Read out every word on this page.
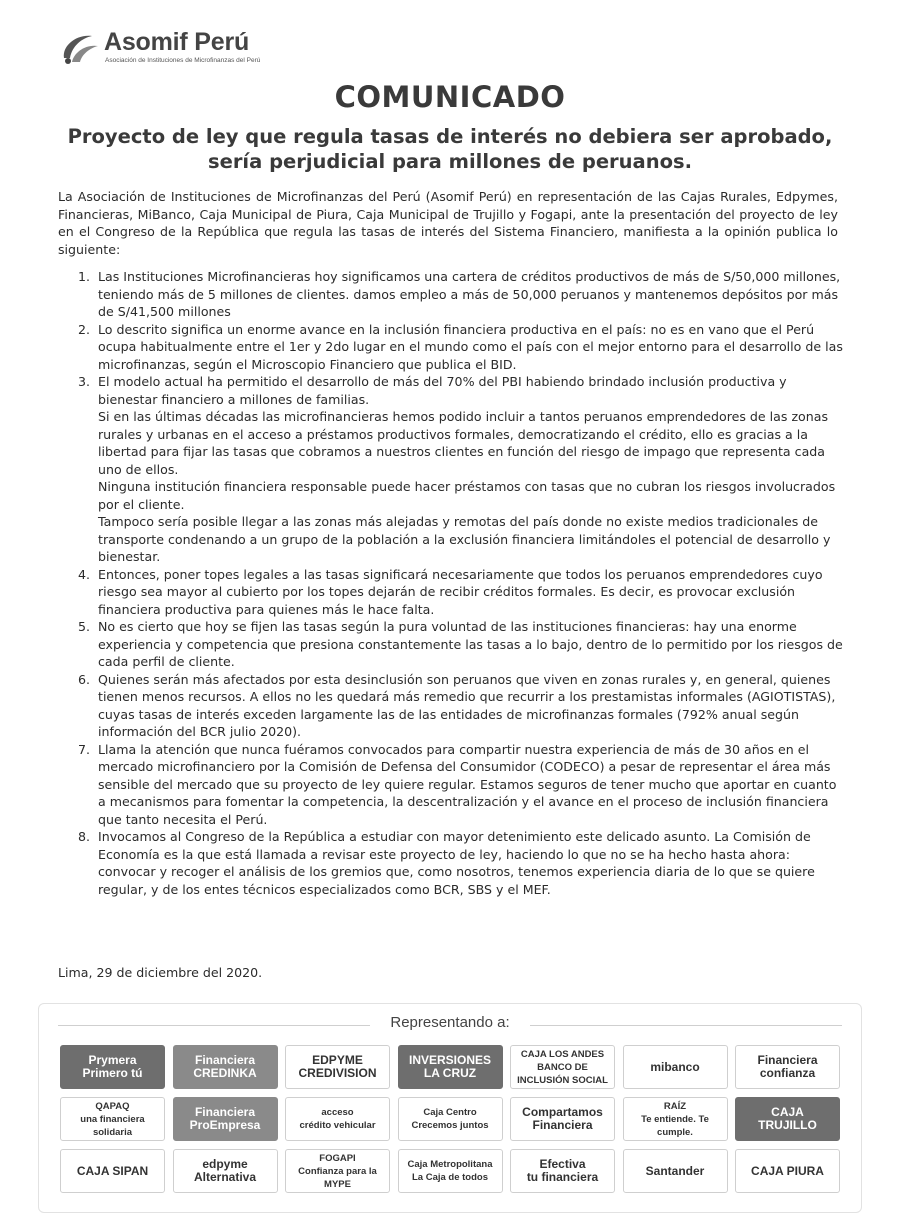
Asomif Perú
Asociación de Instituciones de Microfinanzas del Perú
COMUNICADO
Proyecto de ley que regula tasas de interés no debiera ser aprobado, sería perjudicial para millones de peruanos.
La Asociación de Instituciones de Microfinanzas del Perú (Asomif Perú) en representación de las Cajas Rurales, Edpymes, Financieras, MiBanco, Caja Municipal de Piura, Caja Municipal de Trujillo y Fogapi, ante la presentación del proyecto de ley en el Congreso de la República que regula las tasas de interés del Sistema Financiero, manifiesta a la opinión publica lo siguiente:
1. Las Instituciones Microfinancieras hoy significamos una cartera de créditos productivos de más de S/50,000 millones, teniendo más de 5 millones de clientes. damos empleo a más de 50,000 peruanos y mantenemos depósitos por más de S/41,500 millones

2. Lo descrito significa un enorme avance en la inclusión financiera productiva en el país: no es en vano que el Perú ocupa habitualmente entre el 1er y 2do lugar en el mundo como el país con el mejor entorno para el desarrollo de las microfinanzas, según el Microscopio Financiero que publica el BID.

3. El modelo actual ha permitido el desarrollo de más del 70% del PBI habiendo brindado inclusión productiva y bienestar financiero a millones de familias.

Si en las últimas décadas las microfinancieras hemos podido incluir a tantos peruanos emprendedores de las zonas rurales y urbanas en el acceso a préstamos productivos formales, democratizando el crédito, ello es gracias a la libertad para fijar las tasas que cobramos a nuestros clientes en función del riesgo de impago que representa cada uno de ellos.

Ninguna institución financiera responsable puede hacer préstamos con tasas que no cubran los riesgos involucrados por el cliente.

Tampoco sería posible llegar a las zonas más alejadas y remotas del país donde no existe medios tradicionales de transporte condenando a un grupo de la población a la exclusión financiera limitándoles el potencial de desarrollo y bienestar.

4. Entonces, poner topes legales a las tasas significará necesariamente que todos los peruanos emprendedores cuyo riesgo sea mayor al cubierto por los topes dejarán de recibir créditos formales. Es decir, es provocar exclusión financiera productiva para quienes más le hace falta.

5. No es cierto que hoy se fijen las tasas según la pura voluntad de las instituciones financieras: hay una enorme experiencia y competencia que presiona constantemente las tasas a lo bajo, dentro de lo permitido por los riesgos de cada perfil de cliente.

6. Quienes serán más afectados por esta desinclusión son peruanos que viven en zonas rurales y, en general, quienes tienen menos recursos. A ellos no les quedará más remedio que recurrir a los prestamistas informales (AGIOTISTAS), cuyas tasas de interés exceden largamente las de las entidades de microfinanzas formales (792% anual según información del BCR julio 2020).

7. Llama la atención que nunca fuéramos convocados para compartir nuestra experiencia de más de 30 años en el mercado microfinanciero por la Comisión de Defensa del Consumidor (CODECO) a pesar de representar el área más sensible del mercado que su proyecto de ley quiere regular. Estamos seguros de tener mucho que aportar en cuanto a mecanismos para fomentar la competencia, la descentralización y el avance en el proceso de inclusión financiera que tanto necesita el Perú.

8. Invocamos al Congreso de la República a estudiar con mayor detenimiento este delicado asunto. La Comisión de Economía es la que está llamada a revisar este proyecto de ley, haciendo lo que no se ha hecho hasta ahora: convocar y recoger el análisis de los gremios que, como nosotros, tenemos experiencia diaria de lo que se quiere regular, y de los entes técnicos especializados como BCR, SBS y el MEF.

Lima, 29 de diciembre del 2020.
Representando a:
Prymera
Primero tú
Financiera
CREDINKA
EDPYME
CREDIVISION
INVERSIONES
LA CRUZ
CAJA LOS ANDES
BANCO DE INCLUSIÓN SOCIAL
mibanco	Financiera
confianza
QAPAQ
una financiera solidaria
Financiera
ProEmpresa
acceso
crédito vehicular
Caja Centro
Crecemos juntos
Compartamos
Financiera
RAÍZ
Te entiende. Te cumple.
CAJA
TRUJILLO
CAJA SIPAN	edpyme
Alternativa
FOGAPI
Confianza para la MYPE
Caja Metropolitana
La Caja de todos
Efectiva
tu financiera	Santander	CAJA PIURA
